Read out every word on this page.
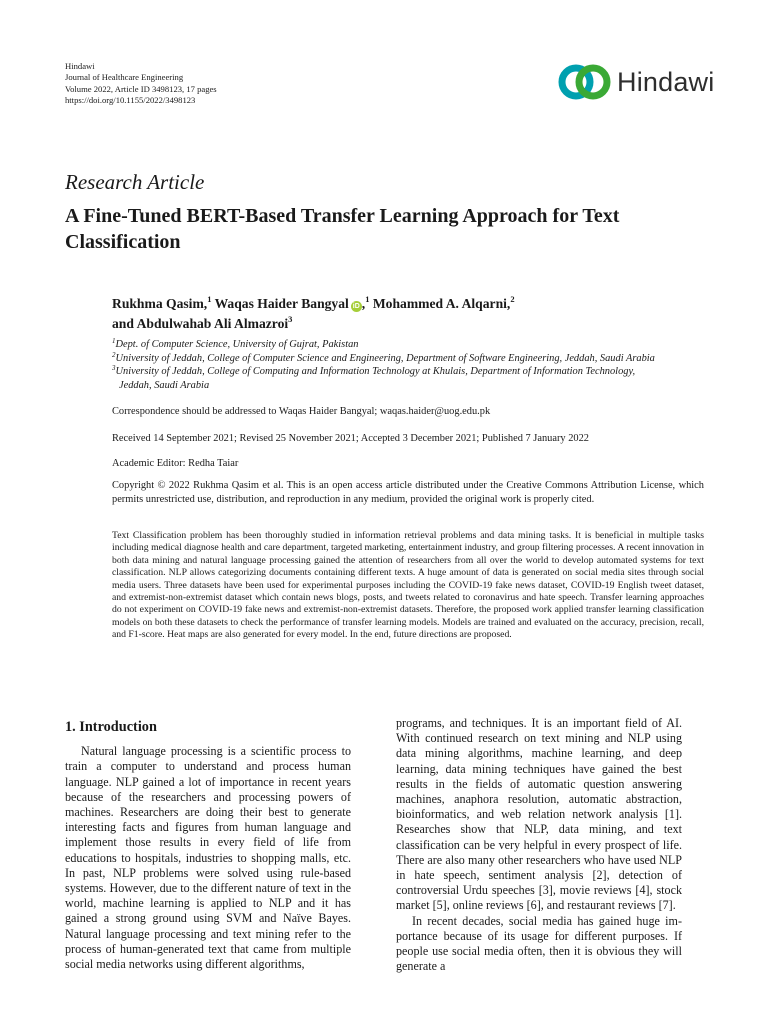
Hindawi
Journal of Healthcare Engineering
Volume 2022, Article ID 3498123, 17 pages
https://doi.org/10.1155/2022/3498123
Hindawi
Research Article
A Fine-Tuned BERT-Based Transfer Learning Approach for Text Classification
Rukhma Qasim,$^1$ Waqas Haider Bangyal iD ,$^1$ Mohammed A. Alqarni,$^2$
and Abdulwahab Ali Almazroi$^3$
$^1$Dept. of Computer Science, University of Gujrat, Pakistan
$^2$University of Jeddah, College of Computer Science and Engineering, Department of Software Engineering, Jeddah, Saudi Arabia
$^3$University of Jeddah, College of Computing and Information Technology at Khulais, Department of Information Technology,
Jeddah, Saudi Arabia
Correspondence should be addressed to Waqas Haider Bangyal; waqas.haider@uog.edu.pk
Received 14 September 2021; Revised 25 November 2021; Accepted 3 December 2021; Published 7 January 2022
Academic Editor: Redha Taiar
Copyright © 2022 Rukhma Qasim et al. This is an open access article distributed under the Creative Commons Attribution License, which permits unrestricted use, distribution, and reproduction in any medium, provided the original work is properly cited.
Text Classification problem has been thoroughly studied in information retrieval problems and data mining tasks. It is beneficial in multiple tasks including medical diagnose health and care department, targeted marketing, entertainment industry, and group filtering processes. A recent innovation in both data mining and natural language processing gained the attention of researchers from all over the world to develop automated systems for text classification. NLP allows categorizing documents containing different texts. A huge amount of data is generated on social media sites through social media users. Three datasets have been used for experimental purposes including the COVID-19 fake news dataset, COVID-19 English tweet dataset, and extremist-non-extremist dataset which contain news blogs, posts, and tweets related to coronavirus and hate speech. Transfer learning approaches do not experiment on COVID-19 fake news and extremist-non-extremist datasets. Therefore, the proposed work applied transfer learning classification models on both these datasets to check the performance of transfer learning models. Models are trained and evaluated on the accuracy, precision, recall, and F1-score. Heat maps are also generated for every model. In the end, future directions are proposed.
1. Introduction

Natural language processing is a scientific process to train a computer to understand and process human language. NLP gained a lot of importance in recent years because of the researchers and processing powers of machines. Researchers are doing their best to generate interesting facts and figures from human language and implement those results in every field of life from educations to hospitals, industries to shopping malls, etc. In past, NLP problems were solved using rule-based systems. However, due to the different nature of text in the world, machine learning is applied to NLP and it has gained a strong ground using SVM and Naïve Bayes. Natural language processing and text mining refer to the process of human-generated text that came from multiple social media networks using different algorithms,

programs, and techniques. It is an important field of AI. With continued research on text mining and NLP using data mining algorithms, machine learning, and deep learning, data mining techniques have gained the best results in the fields of automatic question answering machines, anaphora resolution, automatic abstraction, bioinformatics, and web relation network analysis [1]. Researches show that NLP, data mining, and text classification can be very helpful in every prospect of life. There are also many other researchers who have used NLP in hate speech, sentiment analysis [2], detection of controversial Urdu speeches [3], movie reviews [4], stock market [5], online reviews [6], and restaurant reviews [7].

In recent decades, social media has gained huge importance because of its usage for different purposes. If people use social media often, then it is obvious they will generate a
